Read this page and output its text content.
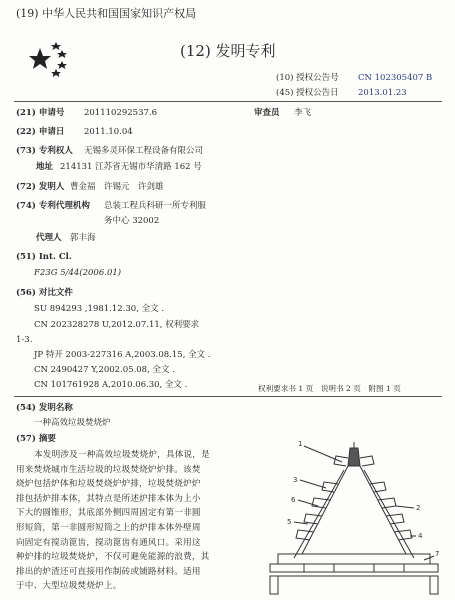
(19) 中华人民共和国国家知识产权局
(12) 发明专利
(10) 授权公告号 CN 102305407 B
(45) 授权公告日 2013.01.23
(21) 申请号 201110292537.6	审查员 李飞
(22) 申请日 2011.10.04
(73) 专利权人 无锡多灵环保工程设备有限公司
地址 214131 江苏省无锡市华清路 162 号
(72) 发明人 曹金福　许锡元　许剑雄
(74) 专利代理机构 总装工程兵科研一所专利服
务中心 32002
代理人 郭丰海
(51) Int. Cl.
F23G 5/44(2006.01)
(56) 对比文件
SU 894293 ,1981.12.30, 全文 .
CN 202328278 U,2012.07.11, 权利要求
1-3.
JP 特开 2003-227316 A,2003.08.15, 全文 .
CN 2490427 Y,2002.05.08, 全文 .
CN 101761928 A,2010.06.30, 全文 .	权利要求书 1 页　说明书 2 页　附图 1 页
(54) 发明名称
一种高效垃圾焚烧炉
(57) 摘要
本发明涉及一种高效垃圾焚烧炉，具体说，是
用来焚烧城市生活垃圾的垃圾焚烧炉炉排。该焚
烧炉包括炉体和垃圾焚烧炉炉排，垃圾焚烧炉炉
排包括炉排本体，其特点是所述炉排本体为上小
下大的圆锥形，其底部外侧四周固定有第一非圆
形短筒，第一非圆形短筒之上的炉排本体外壁周
向固定有搅动篦齿，搅动篦齿有通风口。采用这
种炉排的垃圾焚烧炉，不仅可避免能源的浪费，其
排出的炉渣还可直接用作制砖或铺路材料。适用
于中、大型垃圾焚烧炉上。
1
3
6
5
2
4
7
